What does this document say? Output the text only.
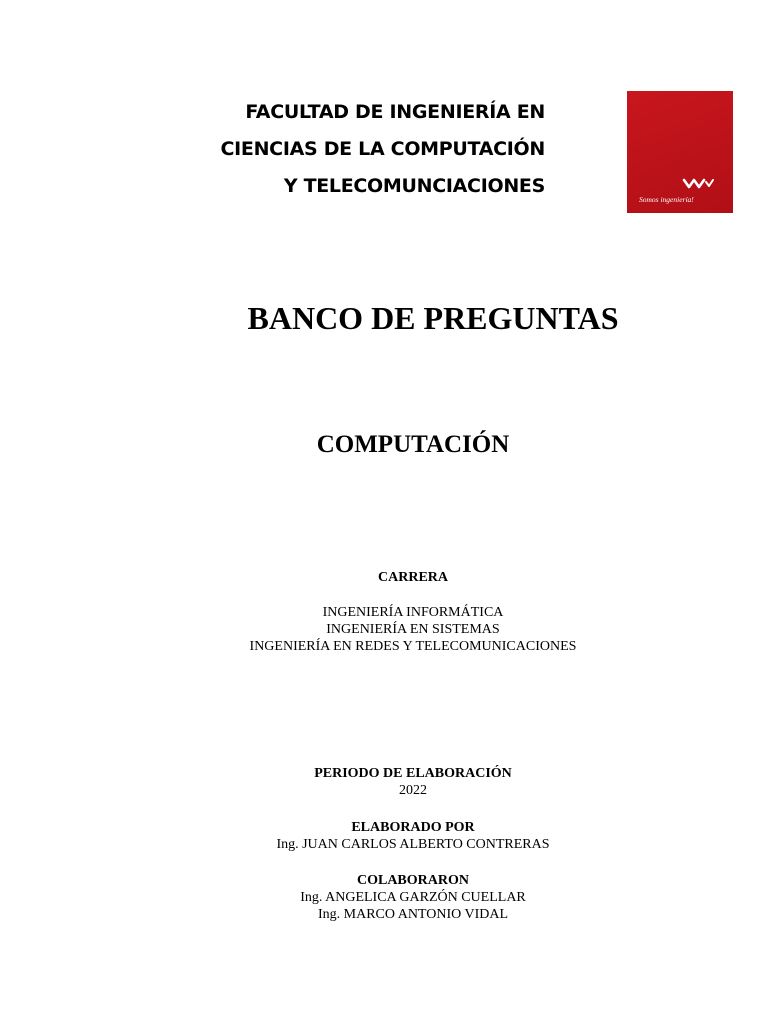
FACULTAD DE INGENIERÍA EN
CIENCIAS DE LA COMPUTACIÓN
Y TELECOMUNCIACIONES
Somos ingeniería!
BANCO DE PREGUNTAS
COMPUTACIÓN
CARRERA
INGENIERÍA INFORMÁTICA
INGENIERÍA EN SISTEMAS
INGENIERÍA EN REDES Y TELECOMUNICACIONES
PERIODO DE ELABORACIÓN
2022
ELABORADO POR
Ing. JUAN CARLOS ALBERTO CONTRERAS
COLABORARON
Ing. ANGELICA GARZÓN CUELLAR
Ing. MARCO ANTONIO VIDAL
